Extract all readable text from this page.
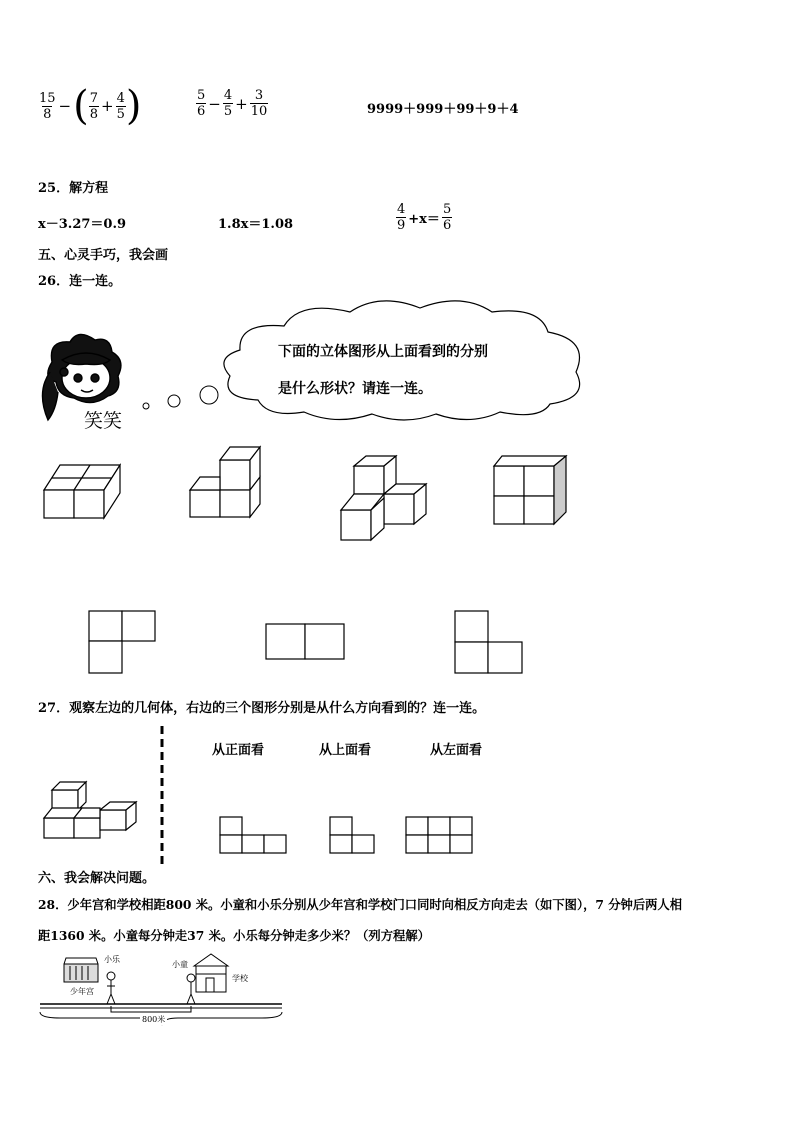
$\frac{15}{8}$ − ( $\frac{7}{8} + \frac{4}{5}$ )	$\frac{5}{6} - \frac{4}{5} + \frac{3}{10}$	9999＋999＋99＋9＋4
25．解方程
x－3.27＝0.9	1.8x＝1.08	$\frac{4}{9} +x= \frac{5}{6}$
五、心灵手巧，我会画
26．连一连。
下面的立体图形从上面看到的分别
是什么形状？请连一连。
笑笑
27．观察左边的几何体，右边的三个图形分别是从什么方向看到的？连一连。
从正面看	从上面看	从左面看
六、我会解决问题。
28．少年宫和学校相距800 米。小童和小乐分别从少年宫和学校门口同时向相反方向走去（如下图），7 分钟后两人相
距1360 米。小童每分钟走37 米。小乐每分钟走多少米？（列方程解）
小乐
少年宫
小童
学校
800米
